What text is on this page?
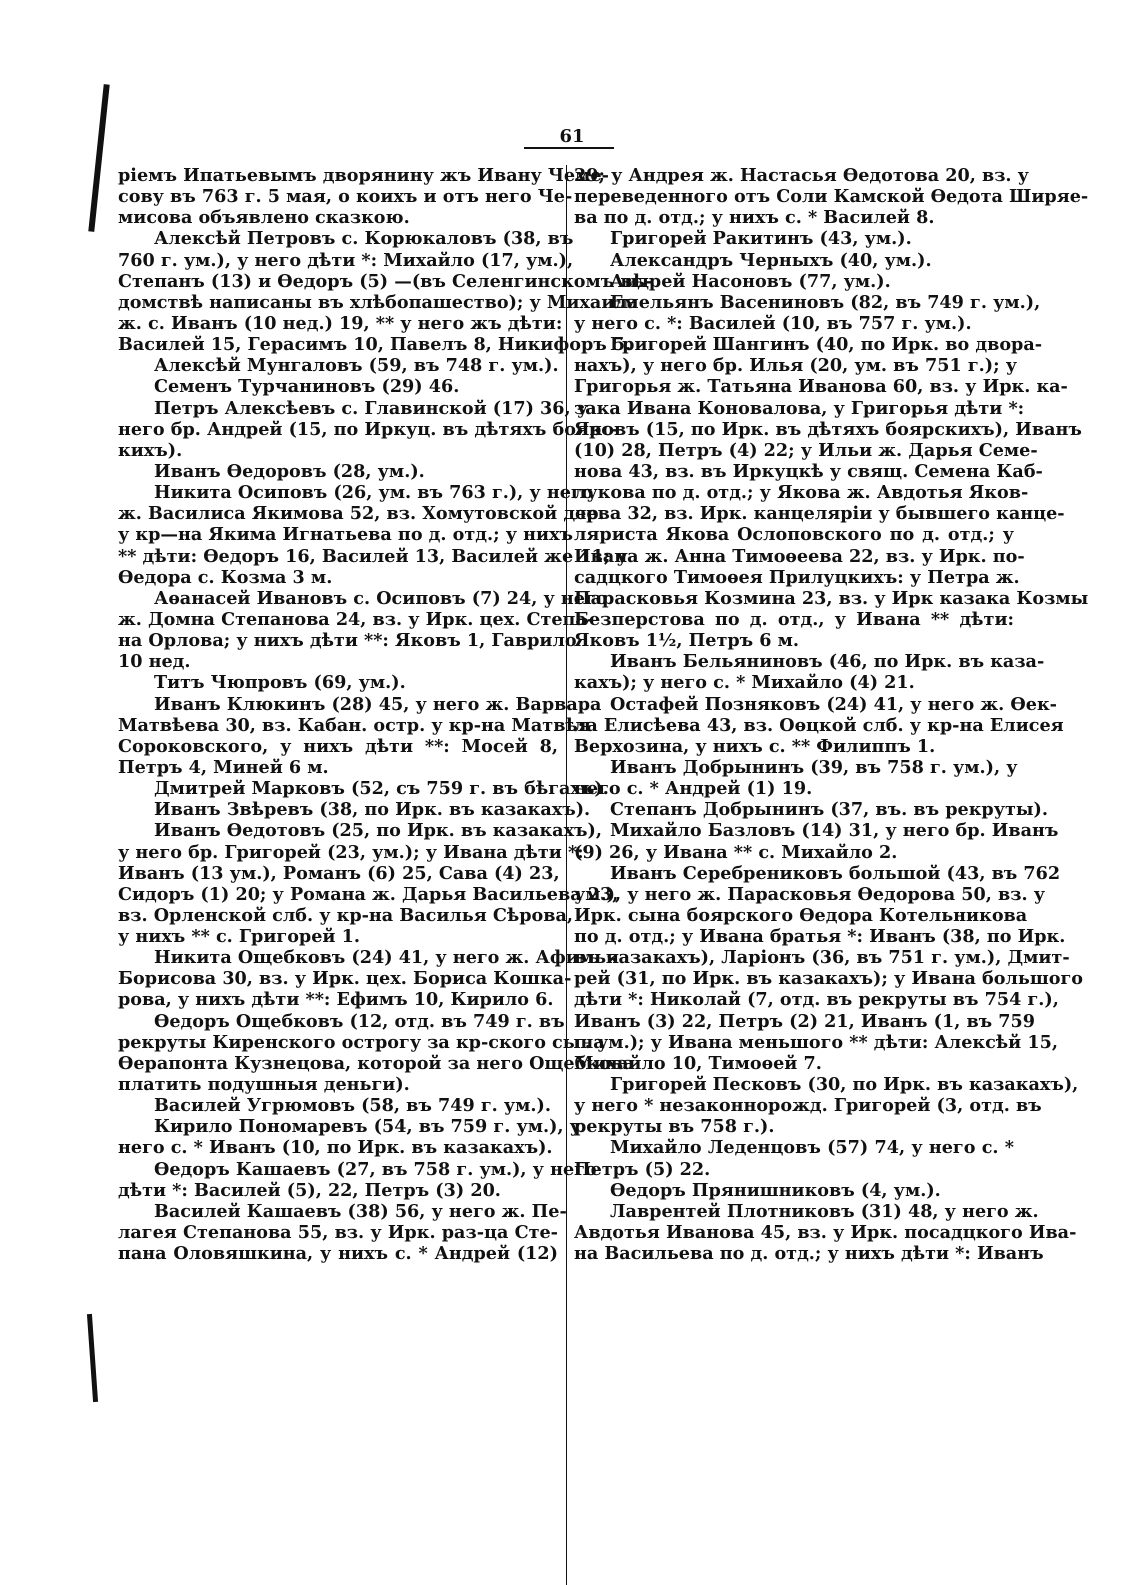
61
ріемъ Ипатьевымъ дворянину жъ Ивану Чеме-
сову въ 763 г. 5 мая, о коихъ и отъ него Че-
мисова объявлено сказкою.
Алексѣй Петровъ с. Корюкаловъ (38, въ
760 г. ум.), у него дѣти *: Михайло (17, ум.),
Степанъ (13) и Ѳедоръ (5) —(въ Селенгинскомъ вѣ-
домствѣ написаны въ хлѣбопашество); у Михаила
ж. с. Иванъ (10 нед.) 19, ** у него жъ дѣти:
Василей 15, Герасимъ 10, Павелъ 8, Никифоръ 5.
Алексѣй Мунгаловъ (59, въ 748 г. ум.).
Семенъ Турчаниновъ (29) 46.
Петръ Алексѣевъ с. Главинской (17) 36, у
него бр. Андрей (15, по Иркуц. въ дѣтяхъ боярс-
кихъ).
Иванъ Ѳедоровъ (28, ум.).
Никита Осиповъ (26, ум. въ 763 г.), у него
ж. Василиса Якимова 52, вз. Хомутовской дер.
у кр—на Якима Игнатьева по д. отд.; у нихъ
** дѣти: Ѳедоръ 16, Василей 13, Василей же 11; у
Ѳедора с. Козма 3 м.
Аѳанасей Ивановъ с. Осиповъ (7) 24, у него
ж. Домна Степанова 24, вз. у Ирк. цех. Степа-
на Орлова; у нихъ дѣти **: Яковъ 1, Гаврило
10 нед.
Титъ Чюпровъ (69, ум.).
Иванъ Клюкинъ (28) 45, у него ж. Варвара
Матвѣева 30, вз. Кабан. остр. у кр-на Матвѣя
Сороковского, у нихъ дѣти **: Мосей 8,
Петръ 4, Миней 6 м.
Дмитрей Марковъ (52, съ 759 г. въ бѣгахъ).
Иванъ Звѣревъ (38, по Ирк. въ казакахъ).
Иванъ Ѳедотовъ (25, по Ирк. въ казакахъ),
у него бр. Григорей (23, ум.); у Ивана дѣти *:
Иванъ (13 ум.), Романъ (6) 25, Сава (4) 23,
Сидоръ (1) 20; у Романа ж. Дарья Васильева 23,
вз. Орленской слб. у кр-на Василья Сѣрова,
у нихъ ** с. Григорей 1.
Никита Ощебковъ (24) 41, у него ж. Афимья
Борисова 30, вз. у Ирк. цех. Бориса Кошка-
рова, у нихъ дѣти **: Ефимъ 10, Кирило 6.
Ѳедоръ Ощебковъ (12, отд. въ 749 г. въ
рекруты Киренского острогу за кр-ского сына
Ѳерапонта Кузнецова, которой за него Ощебкова
платить подушныя деньги).
Василей Угрюмовъ (58, въ 749 г. ум.).
Кирило Пономаревъ (54, въ 759 г. ум.), у
него с. * Иванъ (10, по Ирк. въ казакахъ).
Ѳедоръ Кашаевъ (27, въ 758 г. ум.), у него
дѣти *: Василей (5), 22, Петръ (3) 20.
Василей Кашаевъ (38) 56, у него ж. Пе-
лагея Степанова 55, вз. у Ирк. раз-ца Сте-
пана Оловяшкина, у нихъ с. * Андрей (12)
29; у Андрея ж. Настасья Ѳедотова 20, вз. у
переведенного отъ Соли Камской Ѳедота Ширяе-
ва по д. отд.; у нихъ с. * Василей 8.
Григорей Ракитинъ (43, ум.).
Александръ Черныхъ (40, ум.).
Андрей Насоновъ (77, ум.).
Емельянъ Васениновъ (82, въ 749 г. ум.),
у него с. *: Василей (10, въ 757 г. ум.).
Григорей Шангинъ (40, по Ирк. во двора-
нахъ), у него бр. Илья (20, ум. въ 751 г.); у
Григорья ж. Татьяна Иванова 60, вз. у Ирк. ка-
зака Ивана Коновалова, у Григорья дѣти *:
Яковъ (15, по Ирк. въ дѣтяхъ боярскихъ), Иванъ
(10) 28, Петръ (4) 22; у Ильи ж. Дарья Семе-
нова 43, вз. въ Иркуцкѣ у свящ. Семена Каб-
лукова по д. отд.; у Якова ж. Авдотья Яков-
лева 32, вз. Ирк. канцеляріи у бывшего канце-
ляриста Якова Ослоповского по д. отд.; у
Ивана ж. Анна Тимоѳеева 22, вз. у Ирк. по-
садцкого Тимоѳея Прилуцкихъ: у Петра ж.
Парасковья Козмина 23, вз. у Ирк казака Козмы
Безперстова по д. отд., у Ивана ** дѣти:
Яковъ 1½, Петръ 6 м.
Иванъ Бельяниновъ (46, по Ирк. въ каза-
кахъ); у него с. * Михайло (4) 21.
Остафей Позняковъ (24) 41, у него ж. Ѳек-
ла Елисѣева 43, вз. Оѳцкой слб. у кр-на Елисея
Верхозина, у нихъ с. ** Филиппъ 1.
Иванъ Добрынинъ (39, въ 758 г. ум.), у
него с. * Андрей (1) 19.
Степанъ Добрынинъ (37, въ. въ рекруты).
Михайло Базловъ (14) 31, у него бр. Иванъ
(9) 26, у Ивана ** с. Михайло 2.
Иванъ Серебрениковъ большой (43, въ 762
ум.), у него ж. Парасковья Ѳедорова 50, вз. у
Ирк. сына боярского Ѳедора Котельникова
по д. отд.; у Ивана братья *: Иванъ (38, по Ирк.
въ казакахъ), Ларіонъ (36, въ 751 г. ум.), Дмит-
рей (31, по Ирк. въ казакахъ); у Ивана большого
дѣти *: Николай (7, отд. въ рекруты въ 754 г.),
Иванъ (3) 22, Петръ (2) 21, Иванъ (1, въ 759
г. ум.); у Ивана меньшого ** дѣти: Алексѣй 15,
Михайло 10, Тимоѳей 7.
Григорей Песковъ (30, по Ирк. въ казакахъ),
у него * незаконнорожд. Григорей (3, отд. въ
рекруты въ 758 г.).
Михайло Леденцовъ (57) 74, у него с. *
Петръ (5) 22.
Ѳедоръ Прянишниковъ (4, ум.).
Лаврентей Плотниковъ (31) 48, у него ж.
Авдотья Иванова 45, вз. у Ирк. посадцкого Ива-
на Васильева по д. отд.; у нихъ дѣти *: Иванъ
